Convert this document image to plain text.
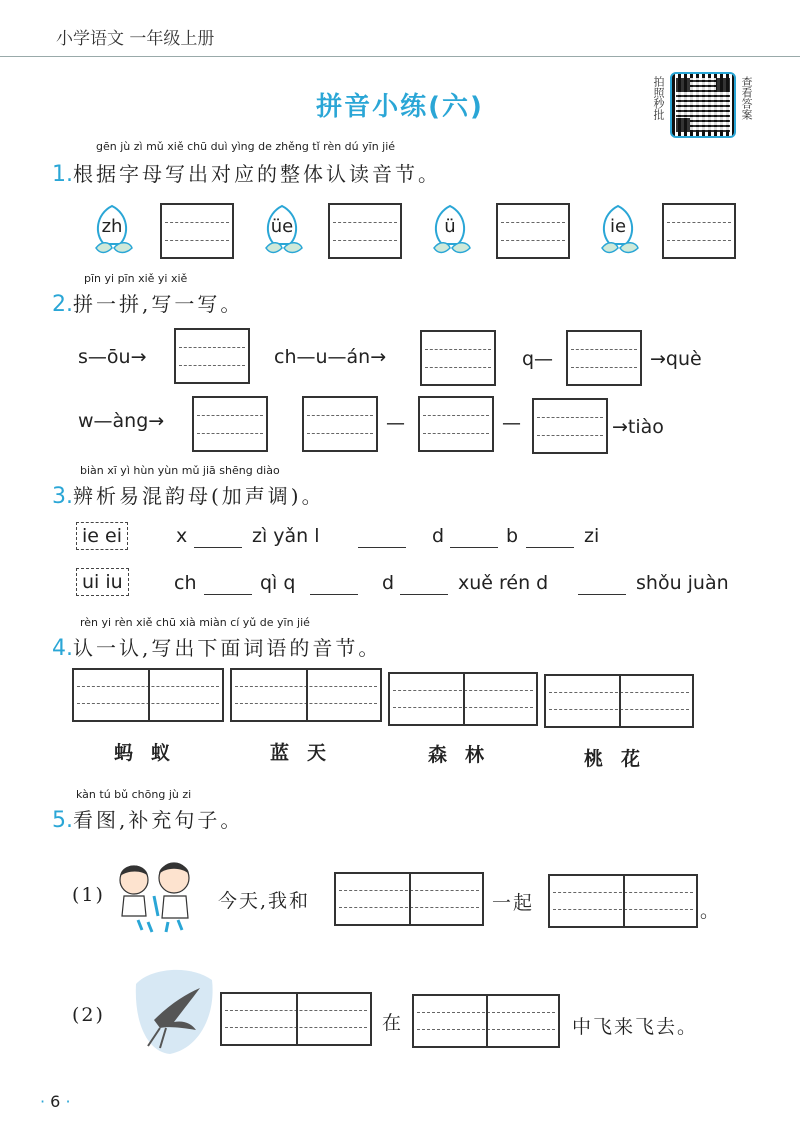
小学语文 一年级上册
拼音小练(六)	拍照秒批	查看答案
gēn jù zì mǔ xiě chū duì yìng de zhěng tǐ rèn dú yīn jié
1.根据字母写出对应的整体认读音节。
zh	üe	ü	ie
pīn yi pīn xiě yi xiě
2.拼一拼,写一写。
s—ōu→	ch—u—án→	q—	→què
w—àng→	—	—	→tiào
biàn xī yì hùn yùn mǔ jiā shēng diào
3.辨析易混韵母(加声调)。
ie ei	x	zì yǎn l	d	b	zi
ui iu	ch	qì q	d	xuě rén d	shǒu juàn
rèn yi rèn xiě chū xià miàn cí yǔ de yīn jié
4.认一认,写出下面词语的音节。
蚂蚁	蓝天	森林	桃花
kàn tú bǔ chōng jù zi
5.看图,补充句子。
(1)	今天,我和	一起	。
(2)	在	中飞来飞去。
· 6 ·
